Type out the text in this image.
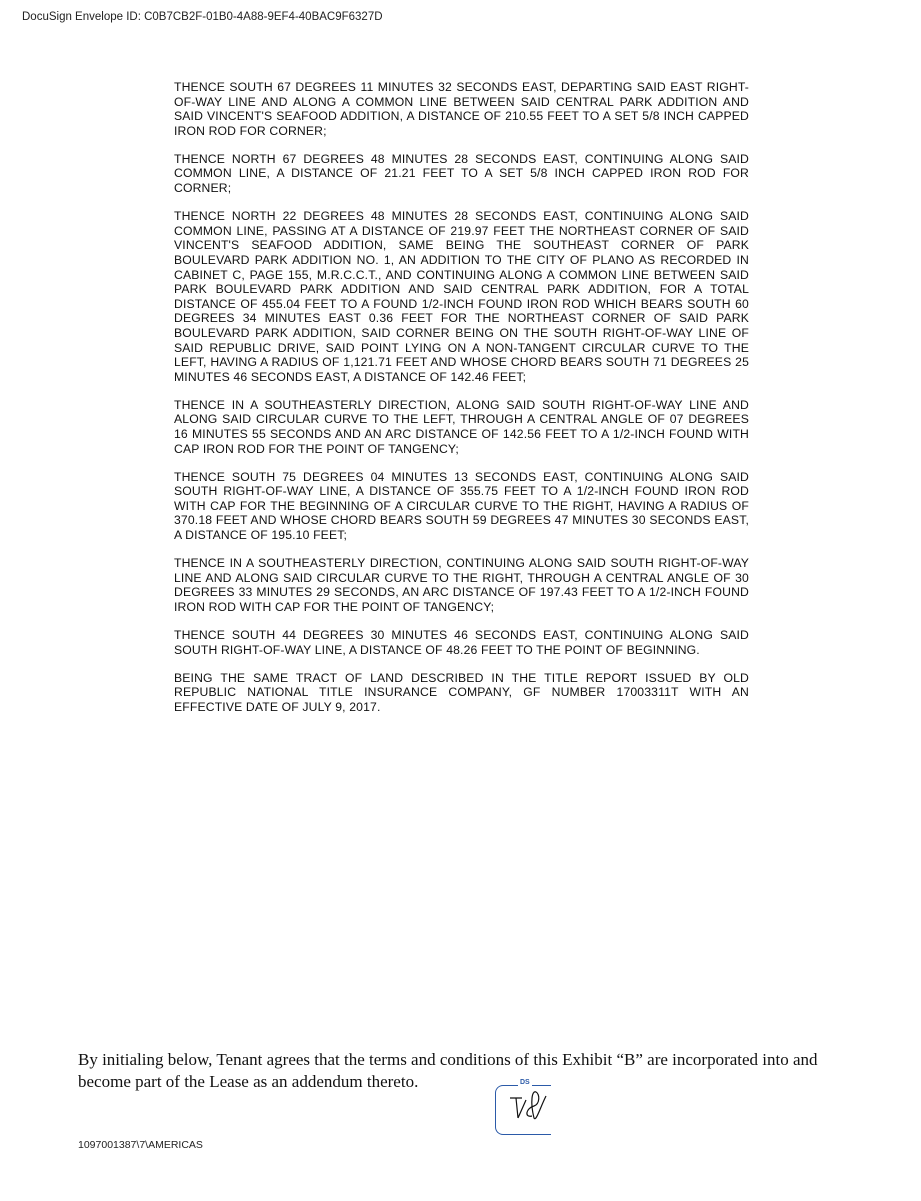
DocuSign Envelope ID: C0B7CB2F-01B0-4A88-9EF4-40BAC9F6327D

THENCE SOUTH 67 DEGREES 11 MINUTES 32 SECONDS EAST, DEPARTING SAID EAST RIGHT-OF-WAY LINE AND ALONG A COMMON LINE BETWEEN SAID CENTRAL PARK ADDITION AND SAID VINCENT'S SEAFOOD ADDITION, A DISTANCE OF 210.55 FEET TO A SET 5/8 INCH CAPPED IRON ROD FOR CORNER;

THENCE NORTH 67 DEGREES 48 MINUTES 28 SECONDS EAST, CONTINUING ALONG SAID COMMON LINE, A DISTANCE OF 21.21 FEET TO A SET 5/8 INCH CAPPED IRON ROD FOR CORNER;

THENCE NORTH 22 DEGREES 48 MINUTES 28 SECONDS EAST, CONTINUING ALONG SAID COMMON LINE, PASSING AT A DISTANCE OF 219.97 FEET THE NORTHEAST CORNER OF SAID VINCENT'S SEAFOOD ADDITION, SAME BEING THE SOUTHEAST CORNER OF PARK BOULEVARD PARK ADDITION NO. 1, AN ADDITION TO THE CITY OF PLANO AS RECORDED IN CABINET C, PAGE 155, M.R.C.C.T., AND CONTINUING ALONG A COMMON LINE BETWEEN SAID PARK BOULEVARD PARK ADDITION AND SAID CENTRAL PARK ADDITION, FOR A TOTAL DISTANCE OF 455.04 FEET TO A FOUND 1/2-INCH FOUND IRON ROD WHICH BEARS SOUTH 60 DEGREES 34 MINUTES EAST 0.36 FEET FOR THE NORTHEAST CORNER OF SAID PARK BOULEVARD PARK ADDITION, SAID CORNER BEING ON THE SOUTH RIGHT-OF-WAY LINE OF SAID REPUBLIC DRIVE, SAID POINT LYING ON A NON-TANGENT CIRCULAR CURVE TO THE LEFT, HAVING A RADIUS OF 1,121.71 FEET AND WHOSE CHORD BEARS SOUTH 71 DEGREES 25 MINUTES 46 SECONDS EAST, A DISTANCE OF 142.46 FEET;

THENCE IN A SOUTHEASTERLY DIRECTION, ALONG SAID SOUTH RIGHT-OF-WAY LINE AND ALONG SAID CIRCULAR CURVE TO THE LEFT, THROUGH A CENTRAL ANGLE OF 07 DEGREES 16 MINUTES 55 SECONDS AND AN ARC DISTANCE OF 142.56 FEET TO A 1/2-INCH FOUND WITH CAP IRON ROD FOR THE POINT OF TANGENCY;

THENCE SOUTH 75 DEGREES 04 MINUTES 13 SECONDS EAST, CONTINUING ALONG SAID SOUTH RIGHT-OF-WAY LINE, A DISTANCE OF 355.75 FEET TO A 1/2-INCH FOUND IRON ROD WITH CAP FOR THE BEGINNING OF A CIRCULAR CURVE TO THE RIGHT, HAVING A RADIUS OF 370.18 FEET AND WHOSE CHORD BEARS SOUTH 59 DEGREES 47 MINUTES 30 SECONDS EAST, A DISTANCE OF 195.10 FEET;

THENCE IN A SOUTHEASTERLY DIRECTION, CONTINUING ALONG SAID SOUTH RIGHT-OF-WAY LINE AND ALONG SAID CIRCULAR CURVE TO THE RIGHT, THROUGH A CENTRAL ANGLE OF 30 DEGREES 33 MINUTES 29 SECONDS, AN ARC DISTANCE OF 197.43 FEET TO A 1/2-INCH FOUND IRON ROD WITH CAP FOR THE POINT OF TANGENCY;

THENCE SOUTH 44 DEGREES 30 MINUTES 46 SECONDS EAST, CONTINUING ALONG SAID SOUTH RIGHT-OF-WAY LINE, A DISTANCE OF 48.26 FEET TO THE POINT OF BEGINNING.

BEING THE SAME TRACT OF LAND DESCRIBED IN THE TITLE REPORT ISSUED BY OLD REPUBLIC NATIONAL TITLE INSURANCE COMPANY, GF NUMBER 17003311T WITH AN EFFECTIVE DATE OF JULY 9, 2017.

By initialing below, Tenant agrees that the terms and conditions of this Exhibit “B” are incorporated into and become part of the Lease as an addendum thereto.	DS
1097001387\7\AMERICAS
